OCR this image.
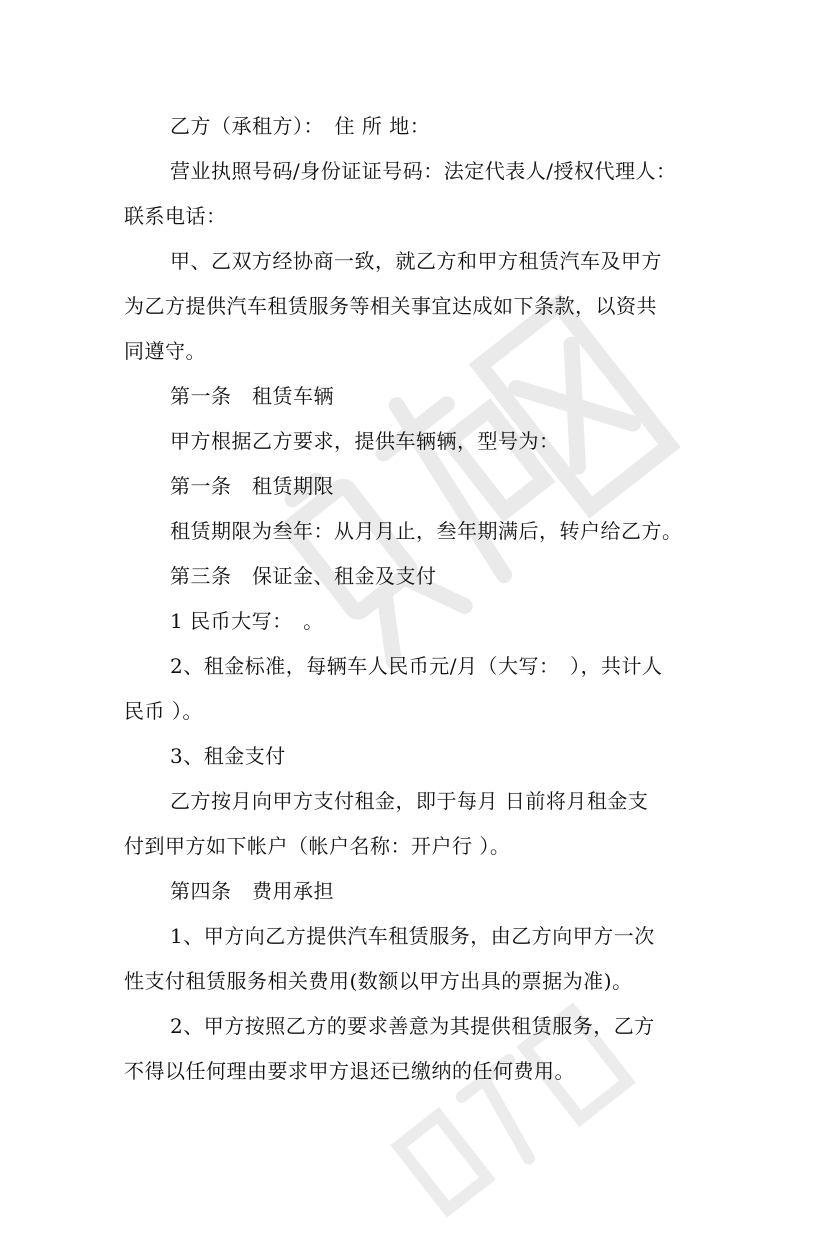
乙方（承租方）：　住 所 地：
营业执照号码/身份证证号码：法定代表人/授权代理人：
联系电话：
甲、乙双方经协商一致，就乙方和甲方租赁汽车及甲方
为乙方提供汽车租赁服务等相关事宜达成如下条款，以资共
同遵守。
第一条　租赁车辆
甲方根据乙方要求，提供车辆辆，型号为：
第一条　租赁期限
租赁期限为叁年：从月月止，叁年期满后，转户给乙方。
第三条　保证金、租金及支付
1 民币大写：　。
2、租金标准，每辆车人民币元/月（大写：　），共计人
民币 ）。
3、租金支付
乙方按月向甲方支付租金，即于每月 日前将月租金支
付到甲方如下帐户（帐户名称：开户行 ）。
第四条　费用承担
1、甲方向乙方提供汽车租赁服务，由乙方向甲方一次
性支付租赁服务相关费用(数额以甲方出具的票据为准)。
2、甲方按照乙方的要求善意为其提供租赁服务，乙方
不得以任何理由要求甲方退还已缴纳的任何费用。
